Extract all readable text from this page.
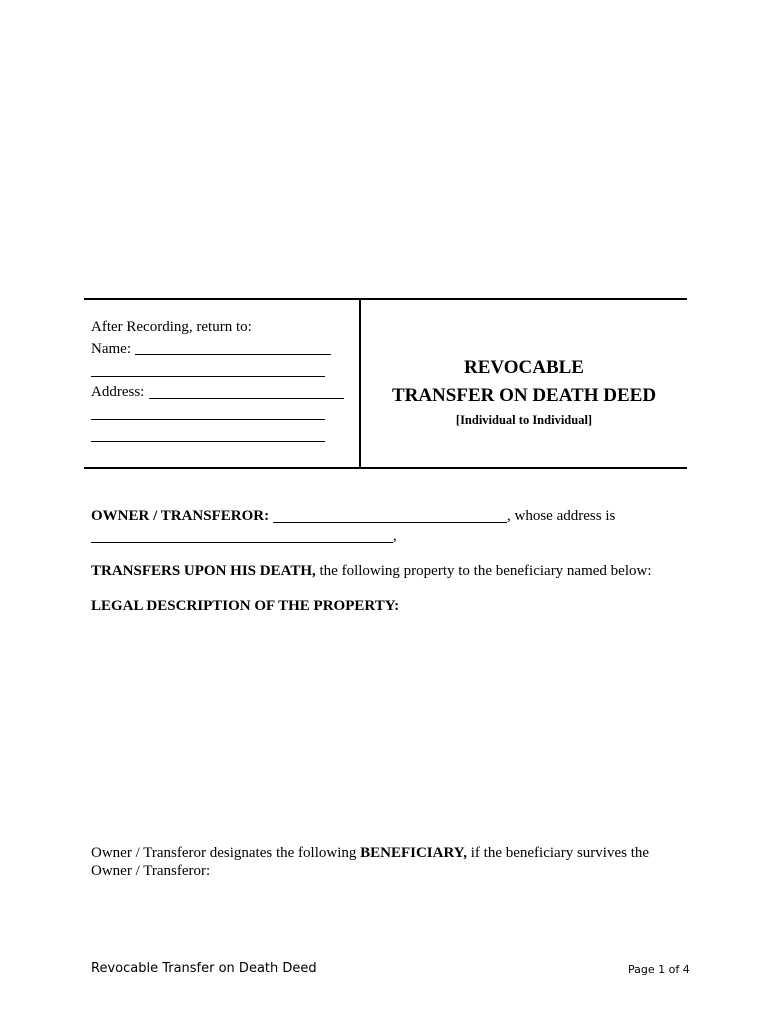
After Recording, return to:
Name:
Address:
REVOCABLE
TRANSFER ON DEATH DEED
[Individual to Individual]
OWNER / TRANSFEROR:	, whose address is
,
TRANSFERS UPON HIS DEATH, the following property to the beneficiary named below:
LEGAL DESCRIPTION OF THE PROPERTY:
Owner / Transferor designates the following BENEFICIARY, if the beneficiary survives the
Owner / Transferor:
Revocable Transfer on Death Deed	Page 1 of 4
